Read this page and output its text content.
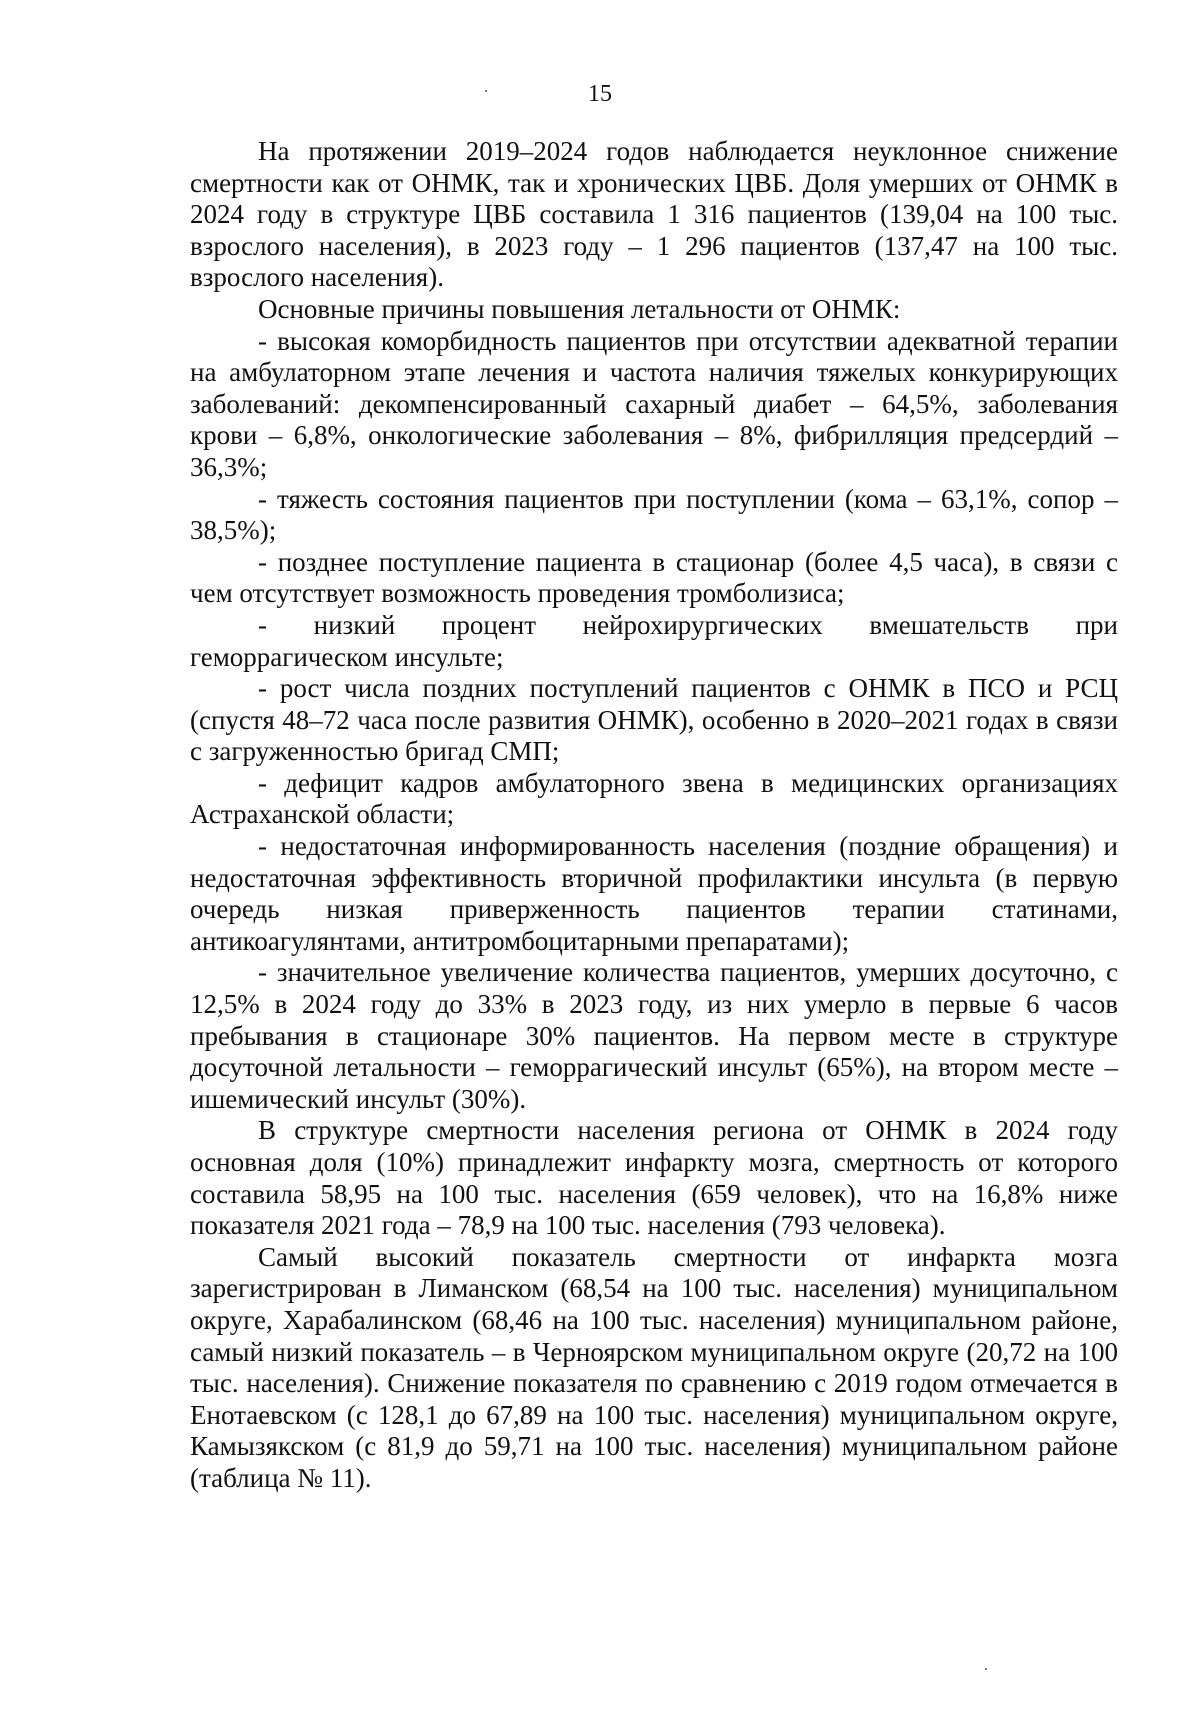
15

На протяжении 2019–2024 годов наблюдается неуклонное снижение смертности как от ОНМК, так и хронических ЦВБ. Доля умерших от ОНМК в 2024 году в структуре ЦВБ составила 1 316 пациентов (139,04 на 100 тыс. взрослого населения), в 2023 году – 1 296 пациентов (137,47 на 100 тыс. взрослого населения).

Основные причины повышения летальности от ОНМК:

- высокая коморбидность пациентов при отсутствии адекватной терапии на амбулаторном этапе лечения и частота наличия тяжелых конкурирующих заболеваний: декомпенсированный сахарный диабет – 64,5%, заболевания крови – 6,8%, онкологические заболевания – 8%, фибрилляция предсердий – 36,3%;
- тяжесть состояния пациентов при поступлении (кома – 63,1%, сопор – 38,5%);
- позднее поступление пациента в стационар (более 4,5 часа), в связи с чем отсутствует возможность проведения тромболизиса;
- низкий процент нейрохирургических вмешательств при геморрагическом инсульте;
- рост числа поздних поступлений пациентов с ОНМК в ПСО и РСЦ (спустя 48–72 часа после развития ОНМК), особенно в 2020–2021 годах в связи с загруженностью бригад СМП;
- дефицит кадров амбулаторного звена в медицинских организациях Астраханской области;
- недостаточная информированность населения (поздние обращения) и недостаточная эффективность вторичной профилактики инсульта (в первую очередь низкая приверженность пациентов терапии статинами, антикоагулянтами, антитромбоцитарными препаратами);
- значительное увеличение количества пациентов, умерших досуточно, с 12,5% в 2024 году до 33% в 2023 году, из них умерло в первые 6 часов пребывания в стационаре 30% пациентов. На первом месте в структуре досуточной летальности – геморрагический инсульт (65%), на втором месте – ишемический инсульт (30%).

В структуре смертности населения региона от ОНМК в 2024 году основная доля (10%) принадлежит инфаркту мозга, смертность от которого составила 58,95 на 100 тыс. населения (659 человек), что на 16,8% ниже показателя 2021 года – 78,9 на 100 тыс. населения (793 человека).

Самый высокий показатель смертности от инфаркта мозга зарегистрирован в Лиманском (68,54 на 100 тыс. населения) муниципальном округе, Харабалинском (68,46 на 100 тыс. населения) муниципальном районе, самый низкий показатель – в Черноярском муниципальном округе (20,72 на 100 тыс. населения). Снижение показателя по сравнению с 2019 годом отмечается в Енотаевском (с 128,1 до 67,89 на 100 тыс. населения) муниципальном округе, Камызякском (с 81,9 до 59,71 на 100 тыс. населения) муниципальном районе (таблица № 11).
